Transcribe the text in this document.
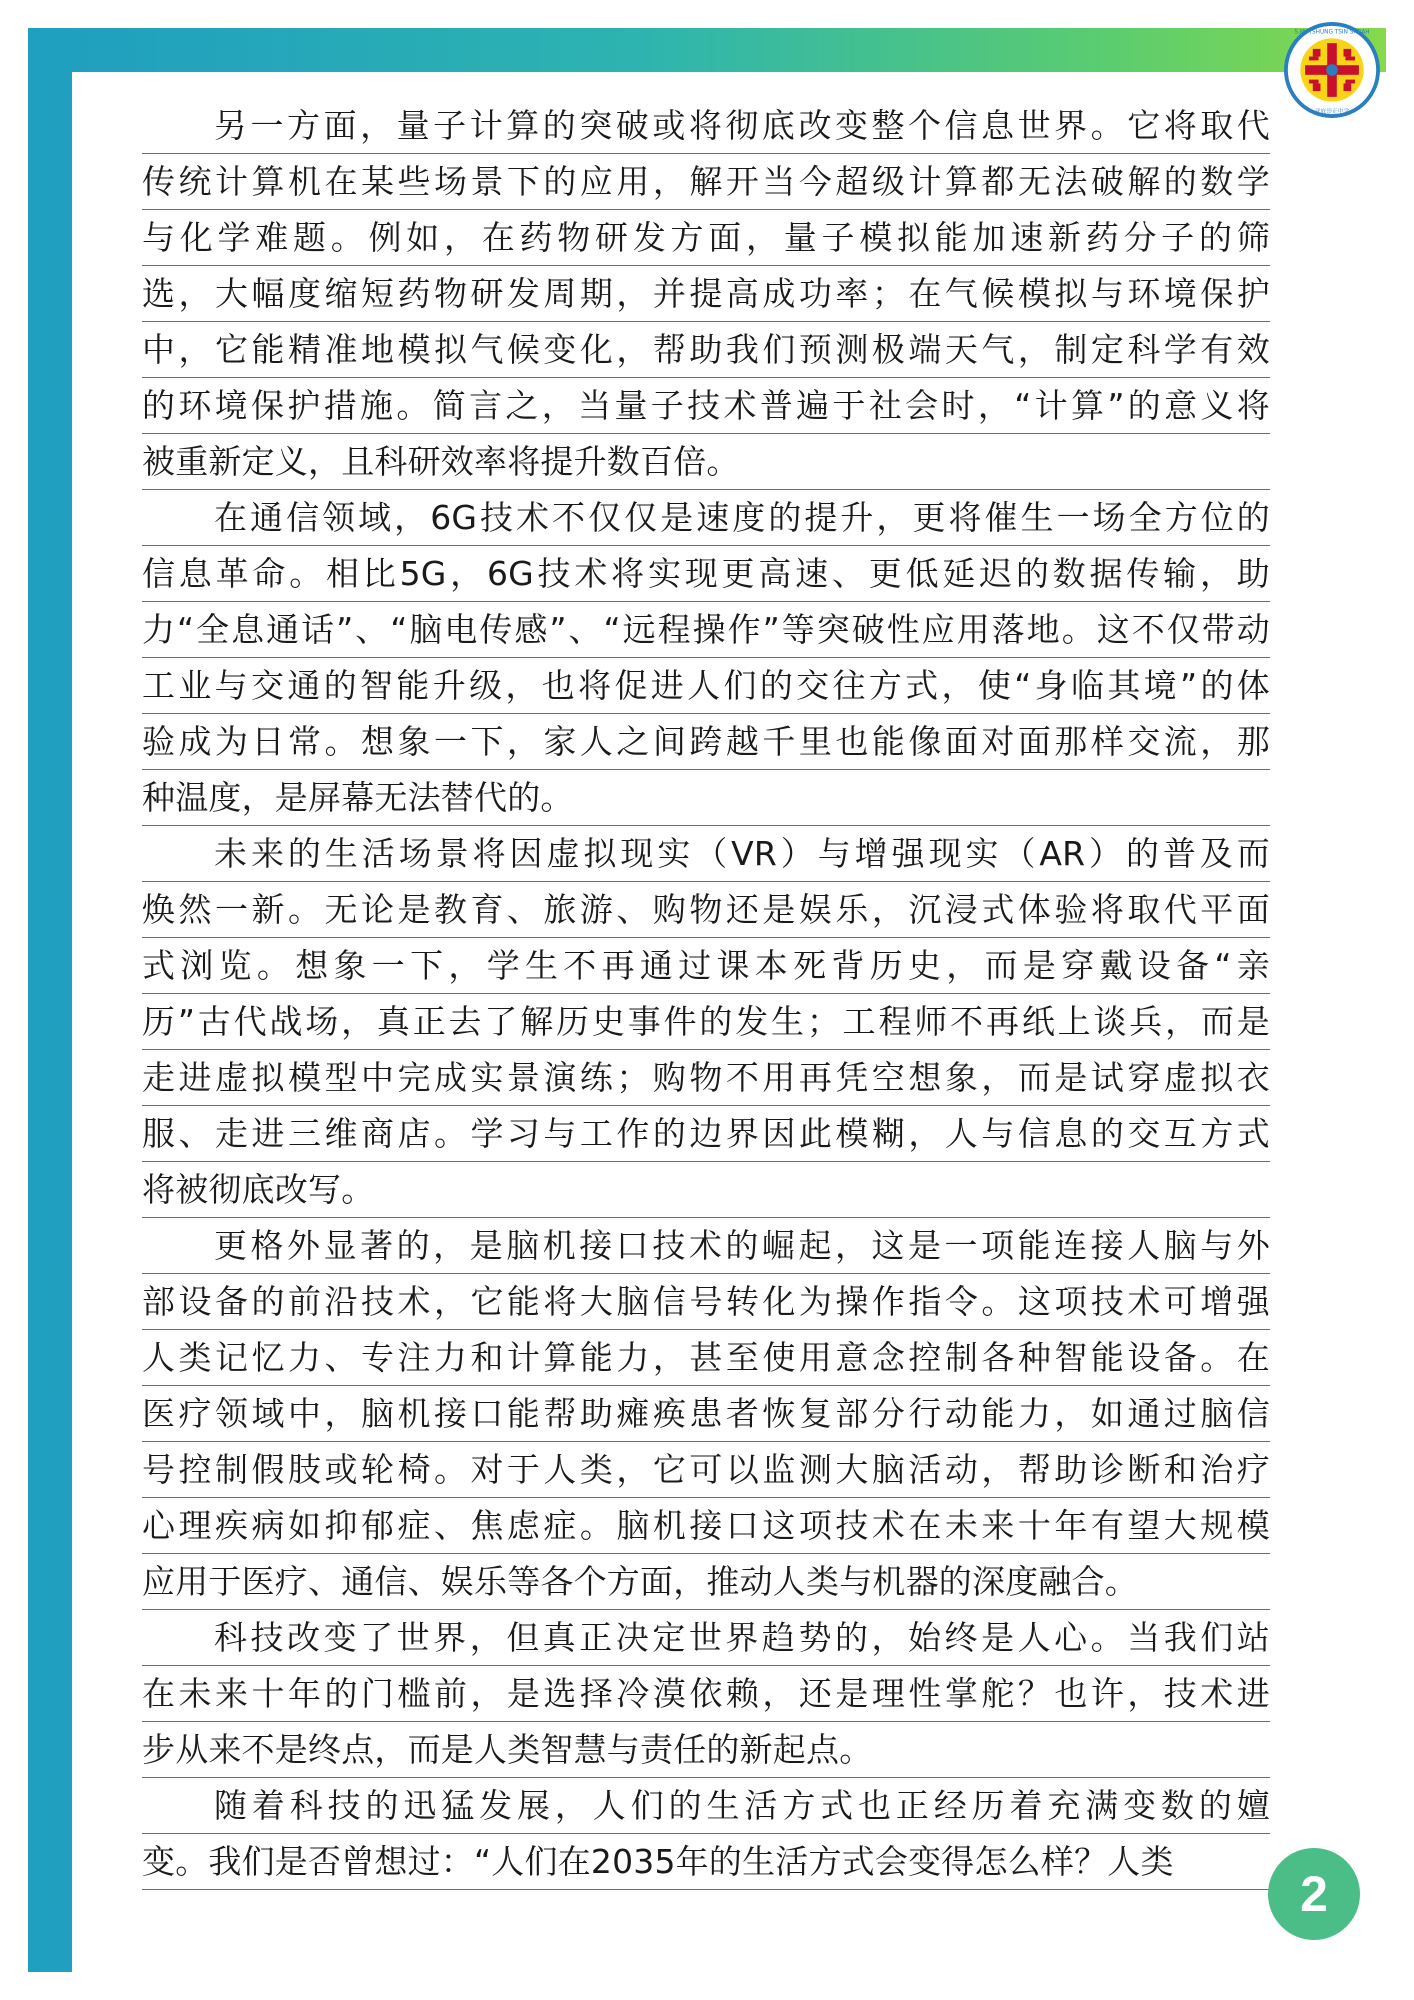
S.M. TSHUNG TSIN SABAH
亚庇崇正中学
另一方面，量子计算的突破或将彻底改变整个信息世界。它将取代
传统计算机在某些场景下的应用，解开当今超级计算都无法破解的数学
与化学难题。例如，在药物研发方面，量子模拟能加速新药分子的筛
选，大幅度缩短药物研发周期，并提高成功率；在气候模拟与环境保护
中，它能精准地模拟气候变化，帮助我们预测极端天气，制定科学有效
的环境保护措施。简言之，当量子技术普遍于社会时，“计算”的意义将
被重新定义，且科研效率将提升数百倍。
在通信领域，6G技术不仅仅是速度的提升，更将催生一场全方位的
信息革命。相比5G，6G技术将实现更高速、更低延迟的数据传输，助
力“全息通话”、“脑电传感”、“远程操作”等突破性应用落地。这不仅带动
工业与交通的智能升级，也将促进人们的交往方式，使“身临其境”的体
验成为日常。想象一下，家人之间跨越千里也能像面对面那样交流，那
种温度，是屏幕无法替代的。
未来的生活场景将因虚拟现实（VR）与增强现实（AR）的普及而
焕然一新。无论是教育、旅游、购物还是娱乐，沉浸式体验将取代平面
式浏览。想象一下，学生不再通过课本死背历史，而是穿戴设备“亲
历”古代战场，真正去了解历史事件的发生；工程师不再纸上谈兵，而是
走进虚拟模型中完成实景演练；购物不用再凭空想象，而是试穿虚拟衣
服、走进三维商店。学习与工作的边界因此模糊，人与信息的交互方式
将被彻底改写。
更格外显著的，是脑机接口技术的崛起，这是一项能连接人脑与外
部设备的前沿技术，它能将大脑信号转化为操作指令。这项技术可增强
人类记忆力、专注力和计算能力，甚至使用意念控制各种智能设备。在
医疗领域中，脑机接口能帮助瘫痪患者恢复部分行动能力，如通过脑信
号控制假肢或轮椅。对于人类，它可以监测大脑活动，帮助诊断和治疗
心理疾病如抑郁症、焦虑症。脑机接口这项技术在未来十年有望大规模
应用于医疗、通信、娱乐等各个方面，推动人类与机器的深度融合。
科技改变了世界，但真正决定世界趋势的，始终是人心。当我们站
在未来十年的门槛前，是选择冷漠依赖，还是理性掌舵？也许，技术进
步从来不是终点，而是人类智慧与责任的新起点。
随着科技的迅猛发展，人们的生活方式也正经历着充满变数的嬗
变。我们是否曾想过：“人们在2035年的生活方式会变得怎么样？人类
2
